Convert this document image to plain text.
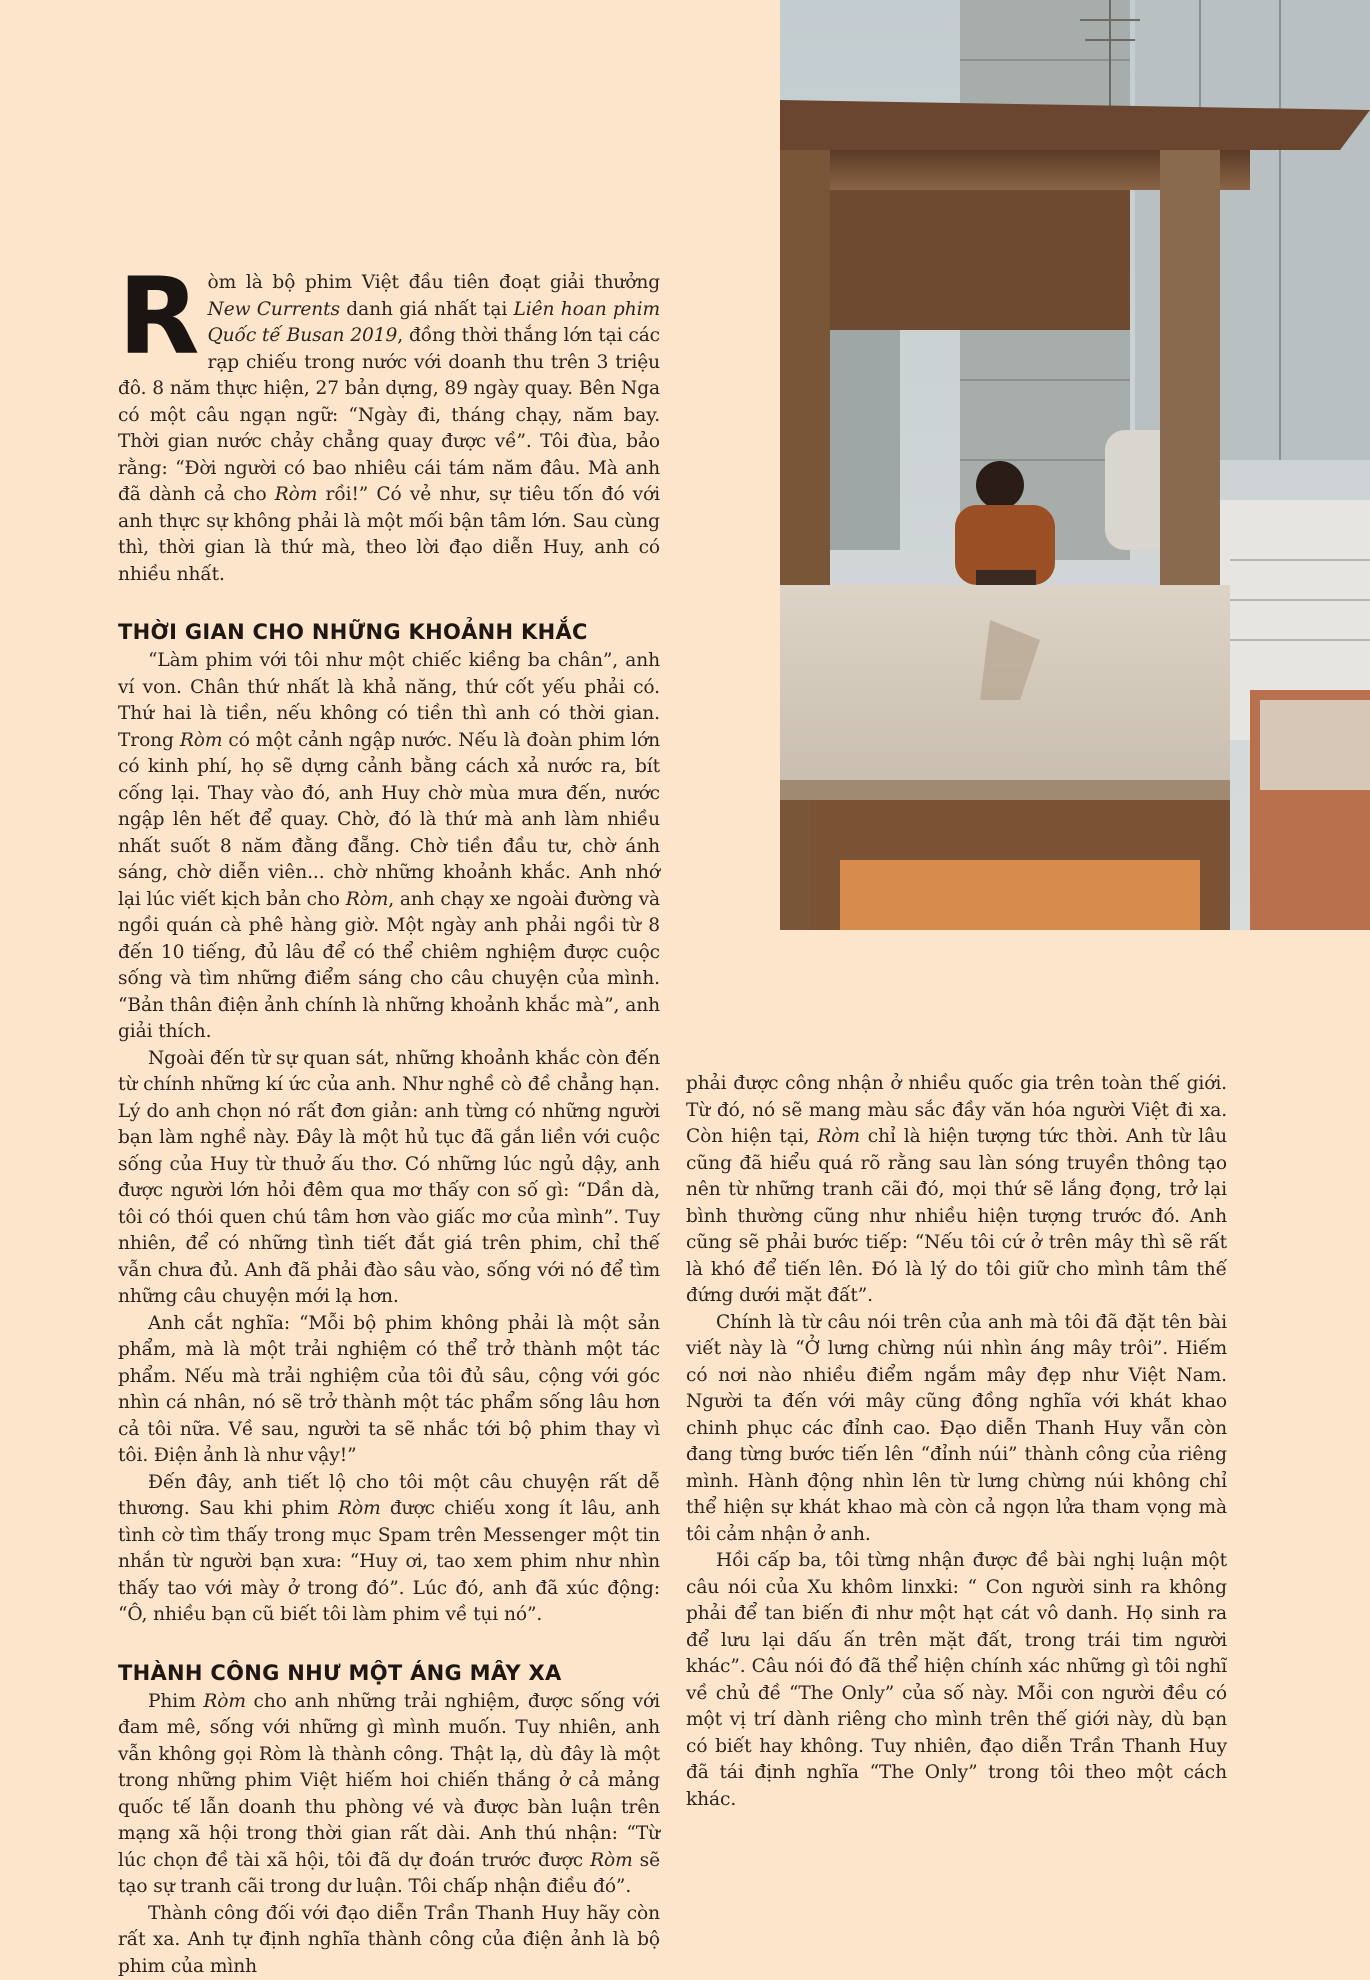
R òm là bộ phim Việt đầu tiên đoạt giải thưởng New Currents danh giá nhất tại Liên hoan phim Quốc tế Busan 2019, đồng thời thắng lớn tại các rạp chiếu trong nước với doanh thu trên 3 triệu đô. 8 năm thực hiện, 27 bản dựng, 89 ngày quay. Bên Nga có một câu ngạn ngữ: “Ngày đi, tháng chạy, năm bay. Thời gian nước chảy chẳng quay được về”. Tôi đùa, bảo rằng: “Đời người có bao nhiêu cái tám năm đâu. Mà anh đã dành cả cho Ròm rồi!” Có vẻ như, sự tiêu tốn đó với anh thực sự không phải là một mối bận tâm lớn. Sau cùng thì, thời gian là thứ mà, theo lời đạo diễn Huy, anh có nhiều nhất.

THỜI GIAN CHO NHỮNG KHOẢNH KHẮC

“Làm phim với tôi như một chiếc kiềng ba chân”, anh ví von. Chân thứ nhất là khả năng, thứ cốt yếu phải có. Thứ hai là tiền, nếu không có tiền thì anh có thời gian. Trong Ròm có một cảnh ngập nước. Nếu là đoàn phim lớn có kinh phí, họ sẽ dựng cảnh bằng cách xả nước ra, bít cống lại. Thay vào đó, anh Huy chờ mùa mưa đến, nước ngập lên hết để quay. Chờ, đó là thứ mà anh làm nhiều nhất suốt 8 năm đằng đẵng. Chờ tiền đầu tư, chờ ánh sáng, chờ diễn viên... chờ những khoảnh khắc. Anh nhớ lại lúc viết kịch bản cho Ròm, anh chạy xe ngoài đường và ngồi quán cà phê hàng giờ. Một ngày anh phải ngồi từ 8 đến 10 tiếng, đủ lâu để có thể chiêm nghiệm được cuộc sống và tìm những điểm sáng cho câu chuyện của mình. “Bản thân điện ảnh chính là những khoảnh khắc mà”, anh giải thích.

Ngoài đến từ sự quan sát, những khoảnh khắc còn đến từ chính những kí ức của anh. Như nghề cò đề chẳng hạn. Lý do anh chọn nó rất đơn giản: anh từng có những người bạn làm nghề này. Đây là một hủ tục đã gắn liền với cuộc sống của Huy từ thuở ấu thơ. Có những lúc ngủ dậy, anh được người lớn hỏi đêm qua mơ thấy con số gì: “Dần dà, tôi có thói quen chú tâm hơn vào giấc mơ của mình”. Tuy nhiên, để có những tình tiết đắt giá trên phim, chỉ thế vẫn chưa đủ. Anh đã phải đào sâu vào, sống với nó để tìm những câu chuyện mới lạ hơn.

Anh cắt nghĩa: “Mỗi bộ phim không phải là một sản phẩm, mà là một trải nghiệm có thể trở thành một tác phẩm. Nếu mà trải nghiệm của tôi đủ sâu, cộng với góc nhìn cá nhân, nó sẽ trở thành một tác phẩm sống lâu hơn cả tôi nữa. Về sau, người ta sẽ nhắc tới bộ phim thay vì tôi. Điện ảnh là như vậy!”

Đến đây, anh tiết lộ cho tôi một câu chuyện rất dễ thương. Sau khi phim Ròm được chiếu xong ít lâu, anh tình cờ tìm thấy trong mục Spam trên Messenger một tin nhắn từ người bạn xưa: “Huy ơi, tao xem phim như nhìn thấy tao với mày ở trong đó”. Lúc đó, anh đã xúc động: “Ô, nhiều bạn cũ biết tôi làm phim về tụi nó”.

THÀNH CÔNG NHƯ MỘT ÁNG MÂY XA

Phim Ròm cho anh những trải nghiệm, được sống với đam mê, sống với những gì mình muốn. Tuy nhiên, anh vẫn không gọi Ròm là thành công. Thật lạ, dù đây là một trong những phim Việt hiếm hoi chiến thắng ở cả mảng quốc tế lẫn doanh thu phòng vé và được bàn luận trên mạng xã hội trong thời gian rất dài. Anh thú nhận: “Từ lúc chọn đề tài xã hội, tôi đã dự đoán trước được Ròm sẽ tạo sự tranh cãi trong dư luận. Tôi chấp nhận điều đó”.

Thành công đối với đạo diễn Trần Thanh Huy hãy còn rất xa. Anh tự định nghĩa thành công của điện ảnh là bộ phim của mình

phải được công nhận ở nhiều quốc gia trên toàn thế giới. Từ đó, nó sẽ mang màu sắc đầy văn hóa người Việt đi xa. Còn hiện tại, Ròm chỉ là hiện tượng tức thời. Anh từ lâu cũng đã hiểu quá rõ rằng sau làn sóng truyền thông tạo nên từ những tranh cãi đó, mọi thứ sẽ lắng đọng, trở lại bình thường cũng như nhiều hiện tượng trước đó. Anh cũng sẽ phải bước tiếp: “Nếu tôi cứ ở trên mây thì sẽ rất là khó để tiến lên. Đó là lý do tôi giữ cho mình tâm thế đứng dưới mặt đất”.

Chính là từ câu nói trên của anh mà tôi đã đặt tên bài viết này là “Ở lưng chừng núi nhìn áng mây trôi”. Hiếm có nơi nào nhiều điểm ngắm mây đẹp như Việt Nam. Người ta đến với mây cũng đồng nghĩa với khát khao chinh phục các đỉnh cao. Đạo diễn Thanh Huy vẫn còn đang từng bước tiến lên “đỉnh núi” thành công của riêng mình. Hành động nhìn lên từ lưng chừng núi không chỉ thể hiện sự khát khao mà còn cả ngọn lửa tham vọng mà tôi cảm nhận ở anh.

Hồi cấp ba, tôi từng nhận được đề bài nghị luận một câu nói của Xu khôm linxki: “ Con người sinh ra không phải để tan biến đi như một hạt cát vô danh. Họ sinh ra để lưu lại dấu ấn trên mặt đất, trong trái tim người khác”. Câu nói đó đã thể hiện chính xác những gì tôi nghĩ về chủ đề “The Only” của số này. Mỗi con người đều có một vị trí dành riêng cho mình trên thế giới này, dù bạn có biết hay không. Tuy nhiên, đạo diễn Trần Thanh Huy đã tái định nghĩa “The Only” trong tôi theo một cách khác.
